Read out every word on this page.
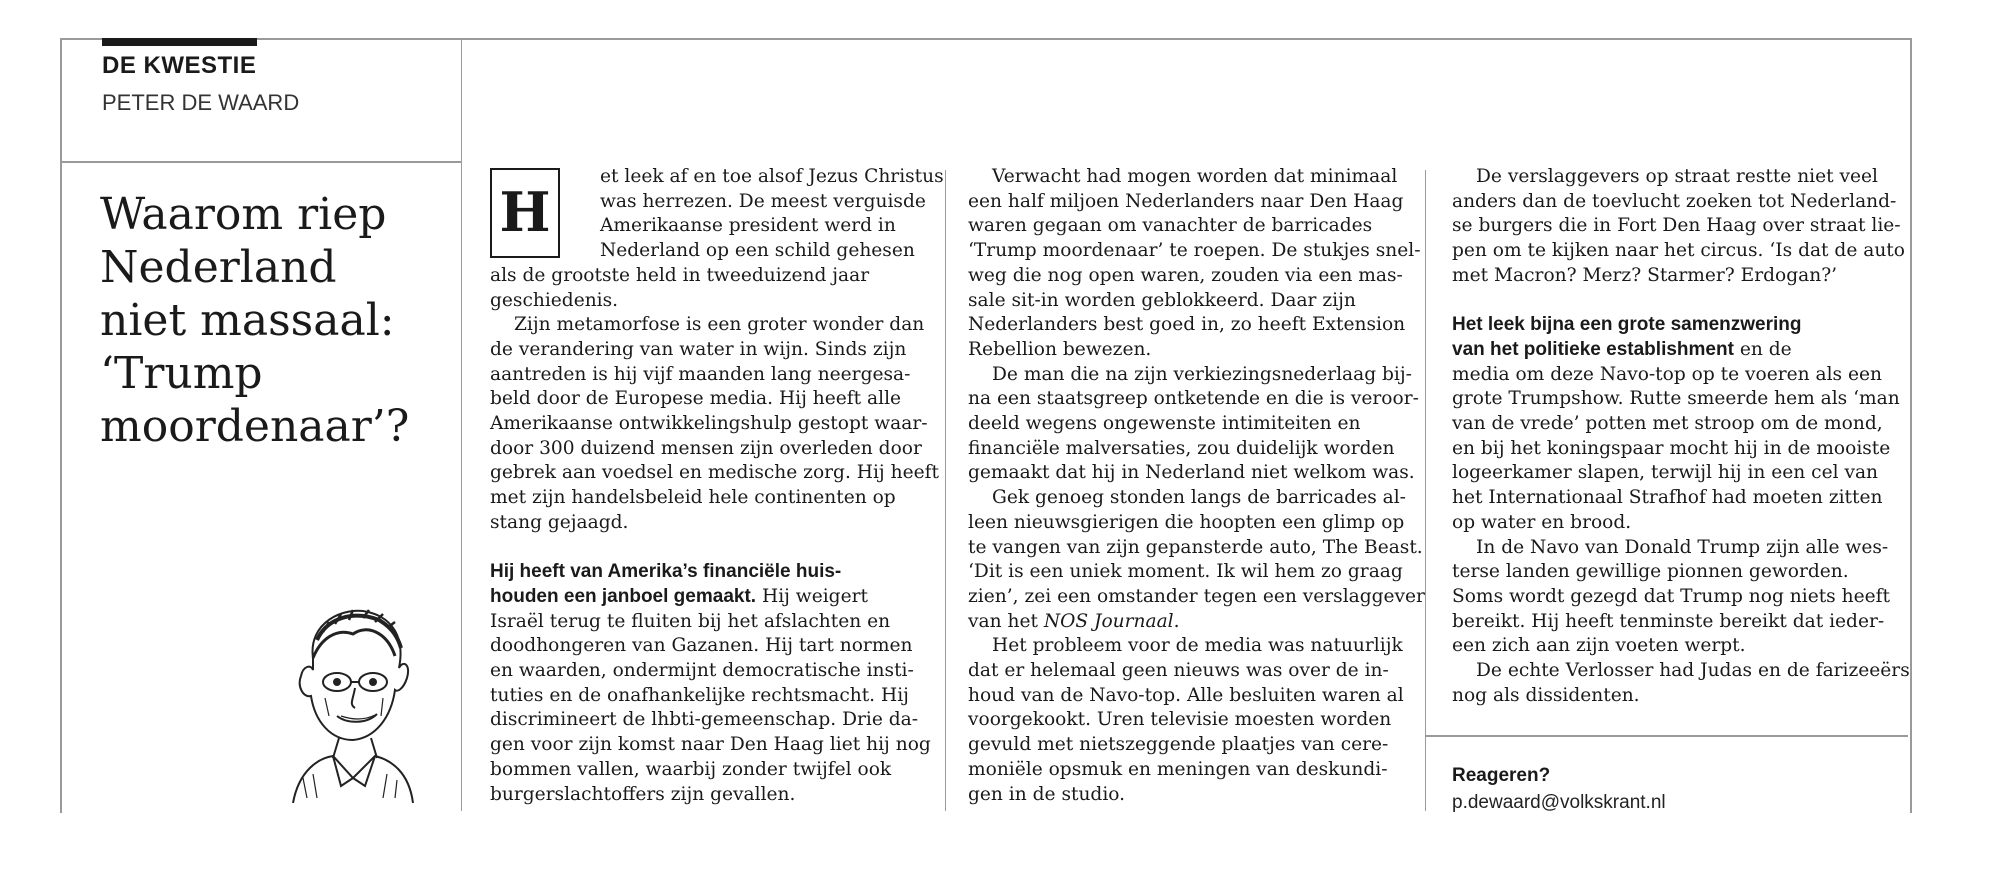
DE KWESTIE
PETER DE WAARD
Waarom riep
Nederland
niet massaal:
‘Trump
moordenaar’?
H
et leek af en toe alsof Jezus Christus
was herrezen. De meest verguisde
Amerikaanse president werd in
Nederland op een schild gehesen

als de grootste held in tweeduizend jaar
geschiedenis.

Zijn metamorfose is een groter wonder dan
de verandering van water in wijn. Sinds zijn
aantreden is hij vijf maanden lang neergesa-
beld door de Europese media. Hij heeft alle
Amerikaanse ontwikkelingshulp gestopt waar-
door 300 duizend mensen zijn overleden door
gebrek aan voedsel en medische zorg. Hij heeft
met zijn handelsbeleid hele continenten op
stang gejaagd.

Hij heeft van Amerika’s financiële huis-
houden een janboel gemaakt. Hij weigert
Israël terug te fluiten bij het afslachten en
doodhongeren van Gazanen. Hij tart normen
en waarden, ondermijnt democratische insti-
tuties en de onafhankelijke rechtsmacht. Hij
discrimineert de lhbti-gemeenschap. Drie da-
gen voor zijn komst naar Den Haag liet hij nog
bommen vallen, waarbij zonder twijfel ook
burgerslachtoffers zijn gevallen.

Verwacht had mogen worden dat minimaal
een half miljoen Nederlanders naar Den Haag
waren gegaan om vanachter de barricades
‘Trump moordenaar’ te roepen. De stukjes snel-
weg die nog open waren, zouden via een mas-
sale sit-in worden geblokkeerd. Daar zijn
Nederlanders best goed in, zo heeft Extension
Rebellion bewezen.

De man die na zijn verkiezingsnederlaag bij-
na een staatsgreep ontketende en die is veroor-
deeld wegens ongewenste intimiteiten en
financiële malversaties, zou duidelijk worden
gemaakt dat hij in Nederland niet welkom was.

Gek genoeg stonden langs de barricades al-
leen nieuwsgierigen die hoopten een glimp op
te vangen van zijn gepansterde auto, The Beast.
‘Dit is een uniek moment. Ik wil hem zo graag
zien’, zei een omstander tegen een verslaggever
van het NOS Journaal.

Het probleem voor de media was natuurlijk
dat er helemaal geen nieuws was over de in-
houd van de Navo-top. Alle besluiten waren al
voorgekookt. Uren televisie moesten worden
gevuld met nietszeggende plaatjes van cere-
moniële opsmuk en meningen van deskundi-
gen in de studio.

De verslaggevers op straat restte niet veel
anders dan de toevlucht zoeken tot Nederland-
se burgers die in Fort Den Haag over straat lie-
pen om te kijken naar het circus. ‘Is dat de auto
met Macron? Merz? Starmer? Erdogan?’

Het leek bijna een grote samenzwering
van het politieke establishment en de
media om deze Navo-top op te voeren als een
grote Trumpshow. Rutte smeerde hem als ‘man
van de vrede’ potten met stroop om de mond,
en bij het koningspaar mocht hij in de mooiste
logeerkamer slapen, terwijl hij in een cel van
het Internationaal Strafhof had moeten zitten
op water en brood.

In de Navo van Donald Trump zijn alle wes-
terse landen gewillige pionnen geworden.
Soms wordt gezegd dat Trump nog niets heeft
bereikt. Hij heeft tenminste bereikt dat ieder-
een zich aan zijn voeten werpt.

De echte Verlosser had Judas en de farizeeërs
nog als dissidenten.

Reageren?
p.dewaard@volkskrant.nl
